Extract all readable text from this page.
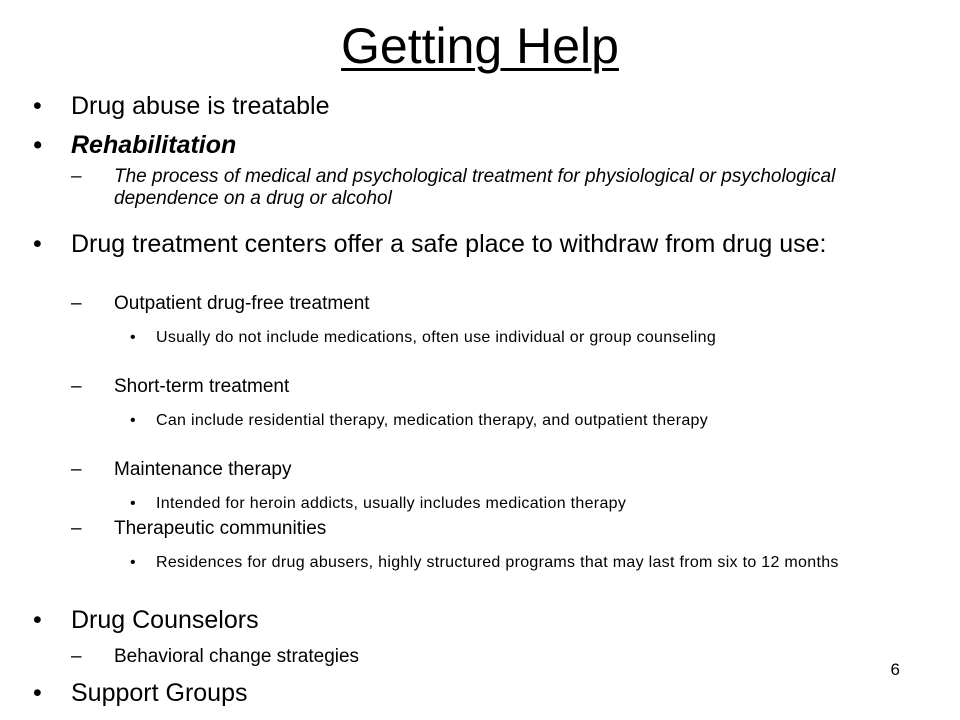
Getting Help
• Drug abuse is treatable
• Rehabilitation
– The process of medical and psychological treatment for physiological or psychological dependence on a drug or alcohol
• Drug treatment centers offer a safe place to withdraw from drug use:
– Outpatient drug-free treatment
• Usually do not include medications, often use individual or group counseling
– Short-term treatment
• Can include residential therapy, medication therapy, and outpatient therapy
– Maintenance therapy
• Intended for heroin addicts, usually includes medication therapy
– Therapeutic communities
• Residences for drug abusers, highly structured programs that may last from six to 12 months
• Drug Counselors
– Behavioral change strategies
• Support Groups
6
